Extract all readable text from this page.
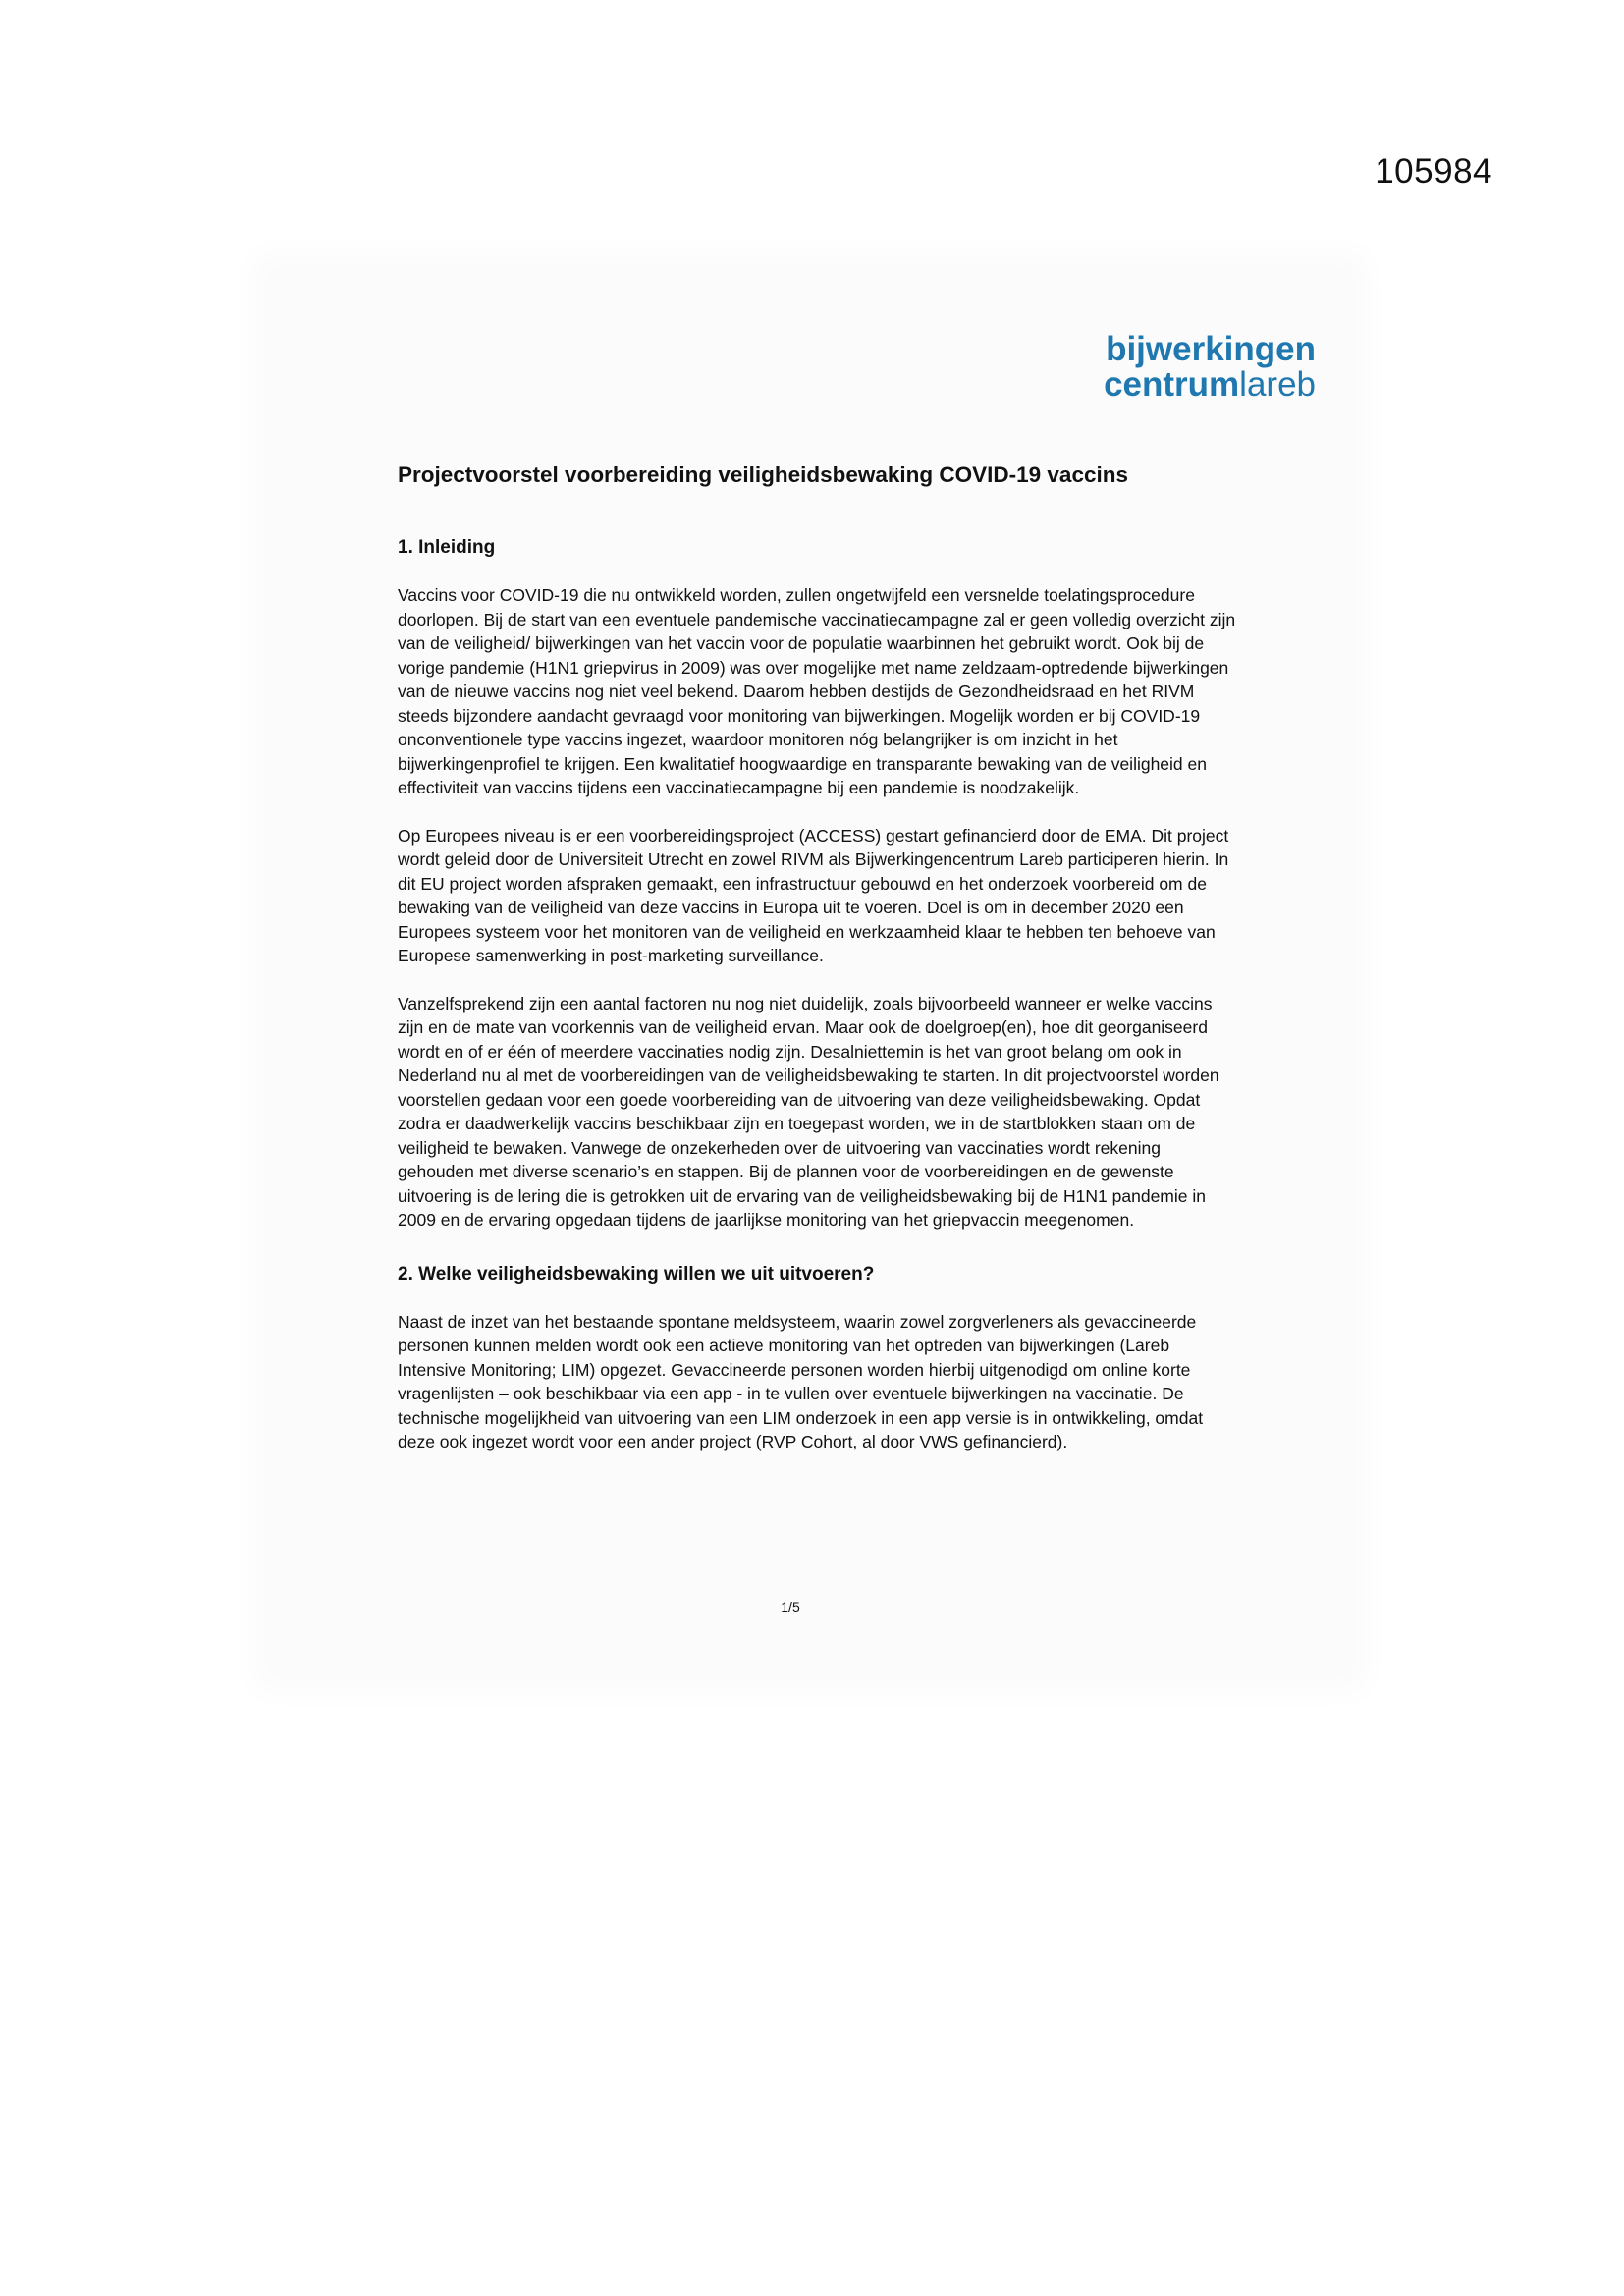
105984
bijwerkingen
centrumlareb
Projectvoorstel voorbereiding veiligheidsbewaking COVID-19 vaccins
1. Inleiding

Vaccins voor COVID-19 die nu ontwikkeld worden, zullen ongetwijfeld een versnelde toelatingsprocedure doorlopen. Bij de start van een eventuele pandemische vaccinatiecampagne zal er geen volledig overzicht zijn van de veiligheid/ bijwerkingen van het vaccin voor de populatie waarbinnen het gebruikt wordt. Ook bij de vorige pandemie (H1N1 griepvirus in 2009) was over mogelijke met name zeldzaam-optredende bijwerkingen van de nieuwe vaccins nog niet veel bekend. Daarom hebben destijds de Gezondheidsraad en het RIVM steeds bijzondere aandacht gevraagd voor monitoring van bijwerkingen. Mogelijk worden er bij COVID-19 onconventionele type vaccins ingezet, waardoor monitoren nóg belangrijker is om inzicht in het bijwerkingenprofiel te krijgen. Een kwalitatief hoogwaardige en transparante bewaking van de veiligheid en effectiviteit van vaccins tijdens een vaccinatiecampagne bij een pandemie is noodzakelijk.

Op Europees niveau is er een voorbereidingsproject (ACCESS) gestart gefinancierd door de EMA. Dit project wordt geleid door de Universiteit Utrecht en zowel RIVM als Bijwerkingencentrum Lareb participeren hierin. In dit EU project worden afspraken gemaakt, een infrastructuur gebouwd en het onderzoek voorbereid om de bewaking van de veiligheid van deze vaccins in Europa uit te voeren. Doel is om in december 2020 een Europees systeem voor het monitoren van de veiligheid en werkzaamheid klaar te hebben ten behoeve van Europese samenwerking in post-marketing surveillance.

Vanzelfsprekend zijn een aantal factoren nu nog niet duidelijk, zoals bijvoorbeeld wanneer er welke vaccins zijn en de mate van voorkennis van de veiligheid ervan. Maar ook de doelgroep(en), hoe dit georganiseerd wordt en of er één of meerdere vaccinaties nodig zijn. Desalniettemin is het van groot belang om ook in Nederland nu al met de voorbereidingen van de veiligheidsbewaking te starten. In dit projectvoorstel worden voorstellen gedaan voor een goede voorbereiding van de uitvoering van deze veiligheidsbewaking. Opdat zodra er daadwerkelijk vaccins beschikbaar zijn en toegepast worden, we in de startblokken staan om de veiligheid te bewaken. Vanwege de onzekerheden over de uitvoering van vaccinaties wordt rekening gehouden met diverse scenario’s en stappen. Bij de plannen voor de voorbereidingen en de gewenste uitvoering is de lering die is getrokken uit de ervaring van de veiligheidsbewaking bij de H1N1 pandemie in 2009 en de ervaring opgedaan tijdens de jaarlijkse monitoring van het griepvaccin meegenomen.

2. Welke veiligheidsbewaking willen we uit uitvoeren?

Naast de inzet van het bestaande spontane meldsysteem, waarin zowel zorgverleners als gevaccineerde personen kunnen melden wordt ook een actieve monitoring van het optreden van bijwerkingen (Lareb Intensive Monitoring; LIM) opgezet. Gevaccineerde personen worden hierbij uitgenodigd om online korte vragenlijsten – ook beschikbaar via een app - in te vullen over eventuele bijwerkingen na vaccinatie. De technische mogelijkheid van uitvoering van een LIM onderzoek in een app versie is in ontwikkeling, omdat deze ook ingezet wordt voor een ander project (RVP Cohort, al door VWS gefinancierd).

1/5
